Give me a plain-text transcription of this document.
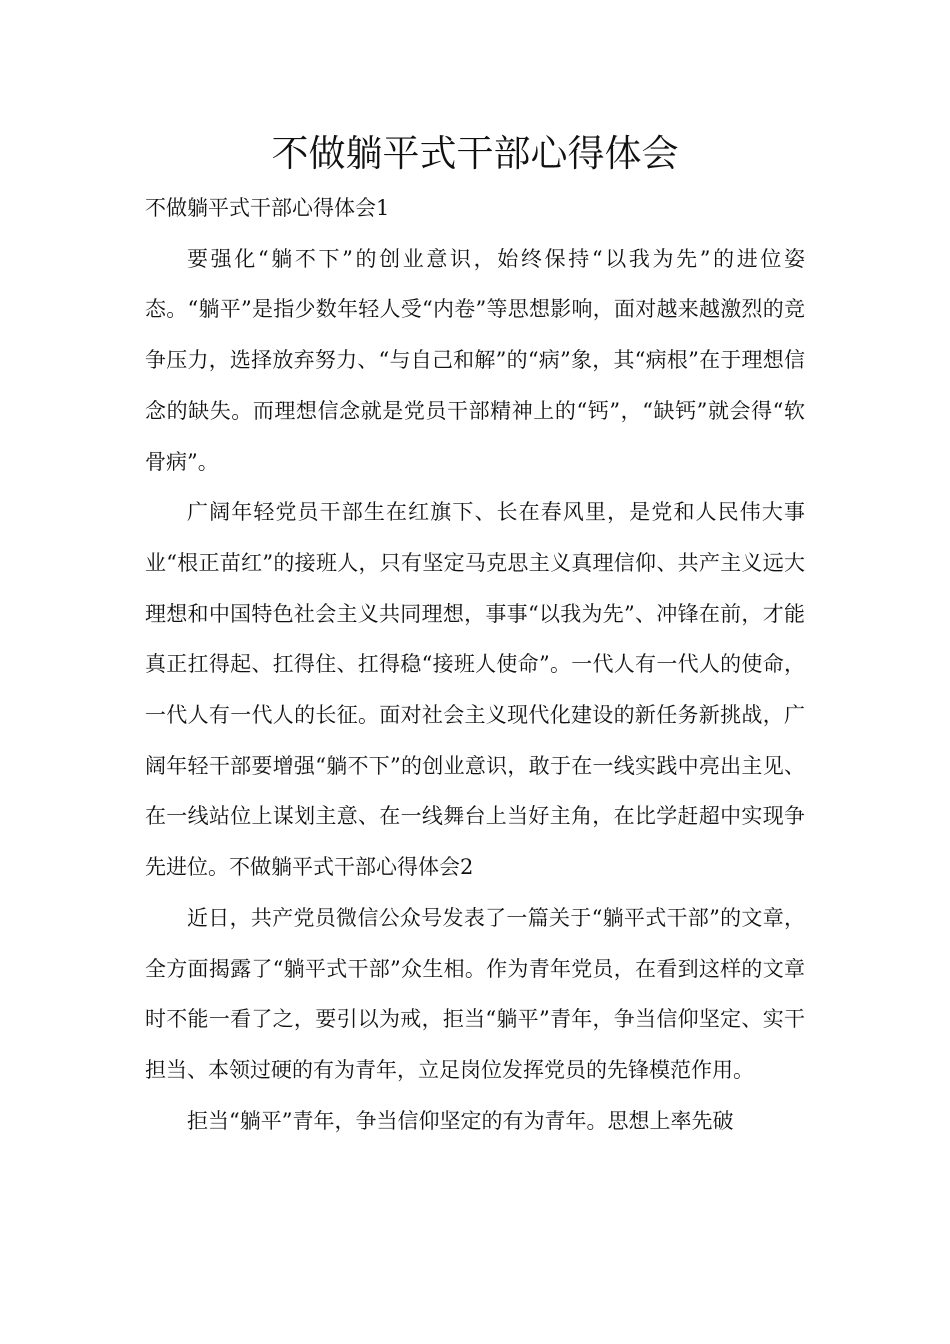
不做躺平式干部心得体会

不做躺平式干部心得体会1

要强化“躺不下”的创业意识，始终保持“以我为先”的进位姿态。“躺平”是指少数年轻人受“内卷”等思想影响，面对越来越激烈的竞争压力，选择放弃努力、“与自己和解”的“病”象，其“病根”在于理想信念的缺失。而理想信念就是党员干部精神上的“钙”，“缺钙”就会得“软骨病”。

广阔年轻党员干部生在红旗下、长在春风里，是党和人民伟大事业“根正苗红”的接班人，只有坚定马克思主义真理信仰、共产主义远大理想和中国特色社会主义共同理想，事事“以我为先”、冲锋在前，才能真正扛得起、扛得住、扛得稳“接班人使命”。一代人有一代人的使命，一代人有一代人的长征。面对社会主义现代化建设的新任务新挑战，广阔年轻干部要增强“躺不下”的创业意识，敢于在一线实践中亮出主见、在一线站位上谋划主意、在一线舞台上当好主角，在比学赶超中实现争先进位。不做躺平式干部心得体会2

近日，共产党员微信公众号发表了一篇关于“躺平式干部”的文章，全方面揭露了“躺平式干部”众生相。作为青年党员，在看到这样的文章时不能一看了之，要引以为戒，拒当“躺平”青年，争当信仰坚定、实干担当、本领过硬的有为青年，立足岗位发挥党员的先锋模范作用。

拒当“躺平”青年，争当信仰坚定的有为青年。思想上率先破
